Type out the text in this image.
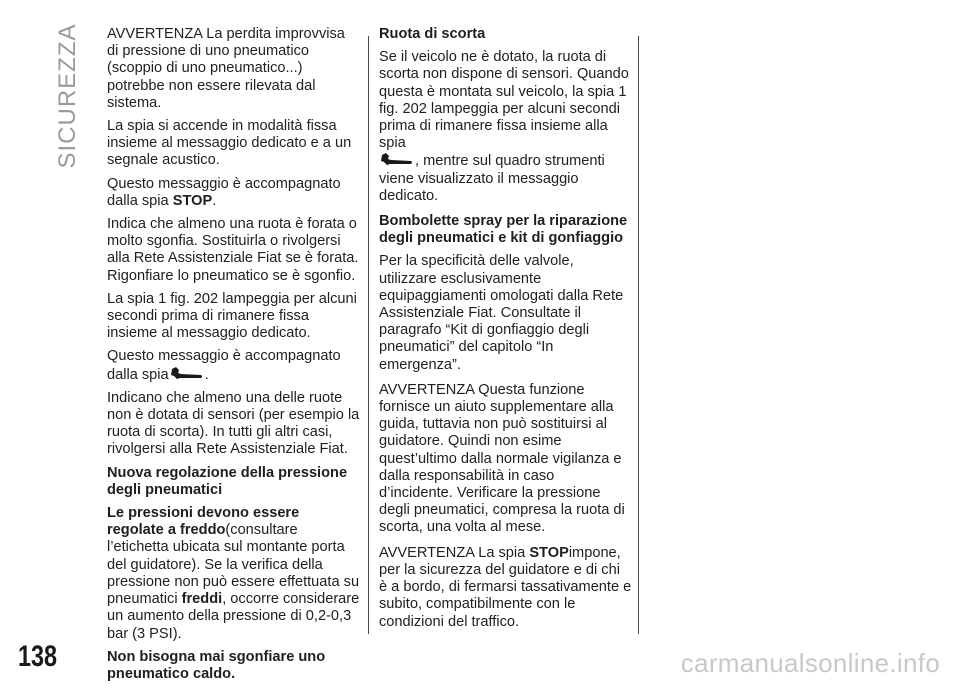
SICUREZZA AVVERTENZA La perdita improvvisa di pressione di uno pneumatico (scoppio di uno pneumatico...) potrebbe non essere rilevata dal sistema.

La spia si accende in modalità fissa insieme al messaggio dedicato e a un segnale acustico.

Questo messaggio è accompagnato dalla spia STOP.

Indica che almeno una ruota è forata o molto sgonfia. Sostituirla o rivolgersi alla Rete Assistenziale Fiat se è forata. Rigonfiare lo pneumatico se è sgonfio.

La spia 1 fig. 202 lampeggia per alcuni secondi prima di rimanere fissa insieme al messaggio dedicato.

Questo messaggio è accompagnato dalla spia .

Indicano che almeno una delle ruote non è dotata di sensori (per esempio la ruota di scorta). In tutti gli altri casi, rivolgersi alla Rete Assistenziale Fiat.

Nuova regolazione della pressione degli pneumatici

Le pressioni devono essere regolate a freddo(consultare l’etichetta ubicata sul montante porta del guidatore). Se la verifica della pressione non può essere effettuata su pneumatici freddi, occorre considerare un aumento della pressione di 0,2-0,3 bar (3 PSI).

Non bisogna mai sgonfiare uno pneumatico caldo.

Ruota di scorta

Se il veicolo ne è dotato, la ruota di scorta non dispone di sensori. Quando questa è montata sul veicolo, la spia 1 fig. 202 lampeggia per alcuni secondi prima di rimanere fissa insieme alla spia
, mentre sul quadro strumenti viene visualizzato il messaggio dedicato.

Bombolette spray per la riparazione degli pneumatici e kit di gonfiaggio

Per la specificità delle valvole, utilizzare esclusivamente equipaggiamenti omologati dalla Rete Assistenziale Fiat. Consultate il paragrafo “Kit di gonfiaggio degli pneumatici” del capitolo “In emergenza”.

AVVERTENZA Questa funzione fornisce un aiuto supplementare alla guida, tuttavia non può sostituirsi al guidatore. Quindi non esime quest’ultimo dalla normale vigilanza e dalla responsabilità in caso d’incidente. Verificare la pressione degli pneumatici, compresa la ruota di scorta, una volta al mese.

AVVERTENZA La spia STOPimpone, per la sicurezza del guidatore e di chi è a bordo, di fermarsi tassativamente e subito, compatibilmente con le condizioni del traffico.

138	carmanualsonline.info
